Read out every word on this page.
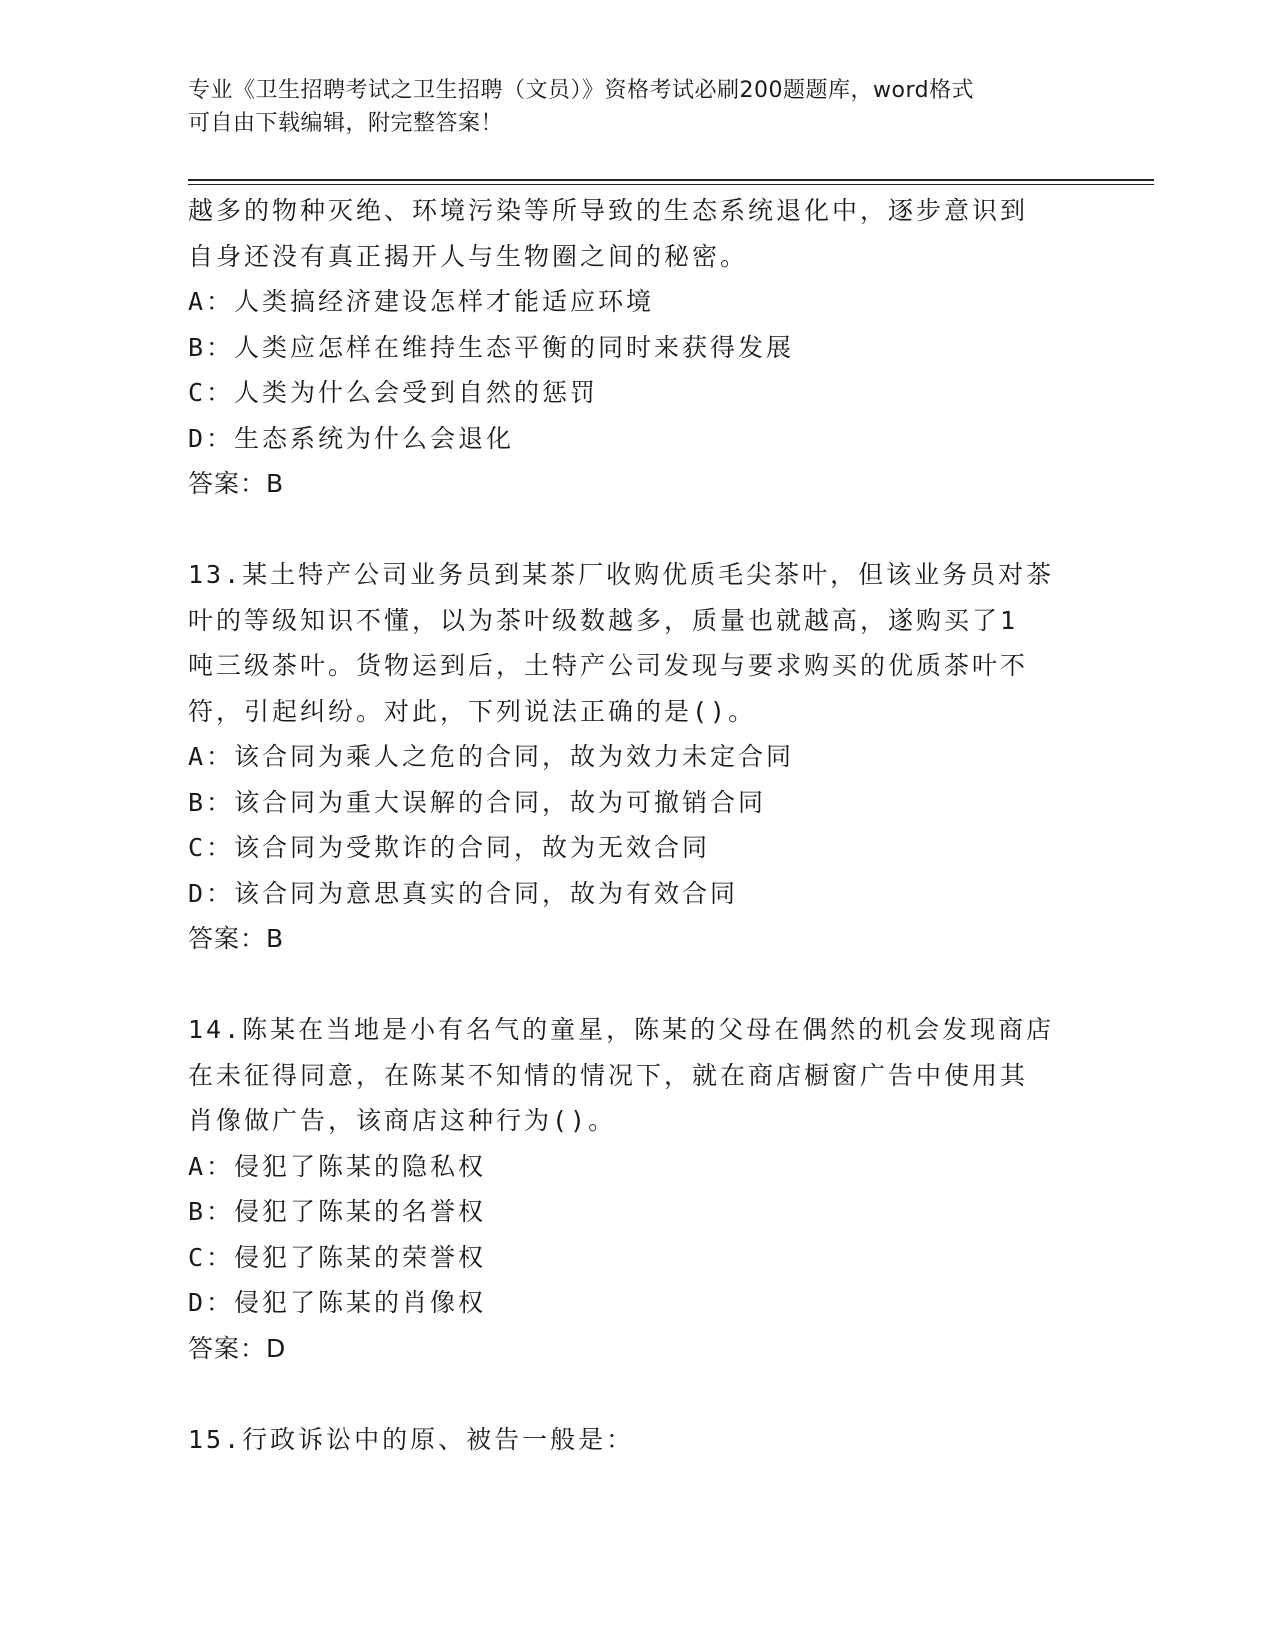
专业《卫生招聘考试之卫生招聘（文员）》资格考试必刷200题题库，word格式
可自由下载编辑，附完整答案！
越多的物种灭绝、环境污染等所导致的生态系统退化中，逐步意识到
自身还没有真正揭开人与生物圈之间的秘密。
A：人类搞经济建设怎样才能适应环境
B：人类应怎样在维持生态平衡的同时来获得发展
C：人类为什么会受到自然的惩罚
D：生态系统为什么会退化
答案：B
13.某土特产公司业务员到某茶厂收购优质毛尖茶叶，但该业务员对茶
叶的等级知识不懂，以为茶叶级数越多，质量也就越高，遂购买了1
吨三级茶叶。货物运到后，土特产公司发现与要求购买的优质茶叶不
符，引起纠纷。对此，下列说法正确的是()。
A：该合同为乘人之危的合同，故为效力未定合同
B：该合同为重大误解的合同，故为可撤销合同
C：该合同为受欺诈的合同，故为无效合同
D：该合同为意思真实的合同，故为有效合同
答案：B
14.陈某在当地是小有名气的童星，陈某的父母在偶然的机会发现商店
在未征得同意，在陈某不知情的情况下，就在商店橱窗广告中使用其
肖像做广告，该商店这种行为()。
A：侵犯了陈某的隐私权
B：侵犯了陈某的名誉权
C：侵犯了陈某的荣誉权
D：侵犯了陈某的肖像权
答案：D
15.行政诉讼中的原、被告一般是：
